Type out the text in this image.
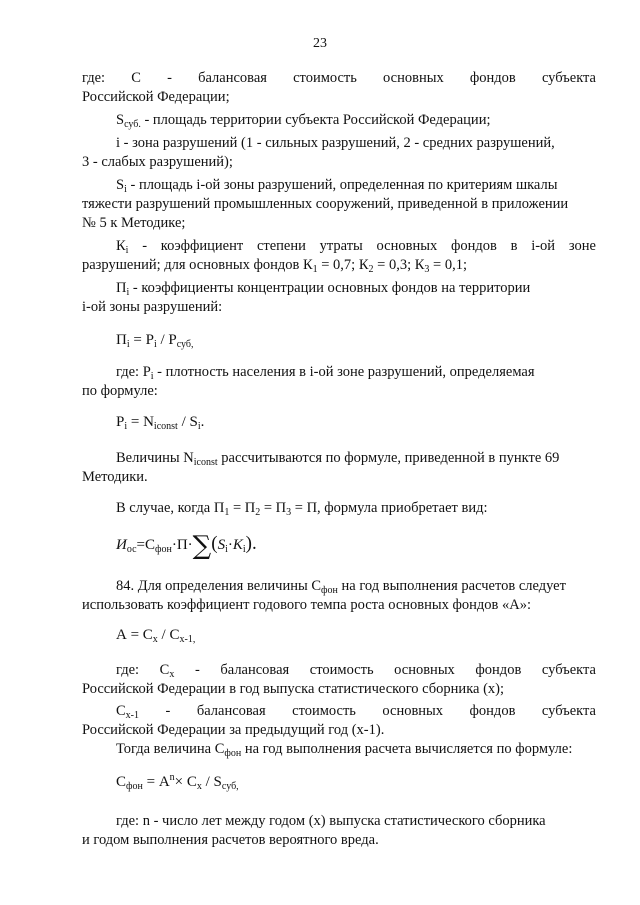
23
где: С - балансовая стоимость основных фондов субъекта
Российской Федерации;
$S_{суб.}$ - площадь территории субъекта Российской Федерации;
i - зона разрушений (1 - сильных разрушений, 2 - средних разрушений,
3 - слабых разрушений);
$S_i$ - площадь i-ой зоны разрушений, определенная по критериям шкалы
тяжести разрушений промышленных сооружений, приведенной в приложении
№ 5 к Методике;
$К_i$ - коэффициент степени утраты основных фондов в i-ой зоне
разрушений; для основных фондов $К_1 = 0,7$; $К_2 = 0,3$; $К_3 = 0,1$;
$П_i$ - коэффициенты концентрации основных фондов на территории
i-ой зоны разрушений:
$П_i = P_i / P_{суб,}$
где: $P_i$ - плотность населения в i-ой зоне разрушений, определяемая
по формуле:
$P_i = N_{iconst} / S_i$.
Величины $N_{iconst}$ рассчитываются по формуле, приведенной в пункте 69
Методики.
В случае, когда $П_1 = П_2 = П_3 = П$, формула приобретает вид:
$И_{ос}=С_{фон}\cdot П\cdot\sum(S_i\cdot K_i)$.
84. Для определения величины $С_{фон}$ на год выполнения расчетов следует
использовать коэффициент годового темпа роста основных фондов «А»:
$А = С_х / С_{х-1,}$
где: $С_х$ - балансовая стоимость основных фондов субъекта
Российской Федерации в год выпуска статистического сборника (х);
$С_{х-1}$ - балансовая стоимость основных фондов субъекта
Российской Федерации за предыдущий год (х-1).
Тогда величина $С_{фон}$ на год выполнения расчета вычисляется по формуле:
$С_{фон} = А^n\times С_х / S_{суб,}$
где: n - число лет между годом (х) выпуска статистического сборника
и годом выполнения расчетов вероятного вреда.
